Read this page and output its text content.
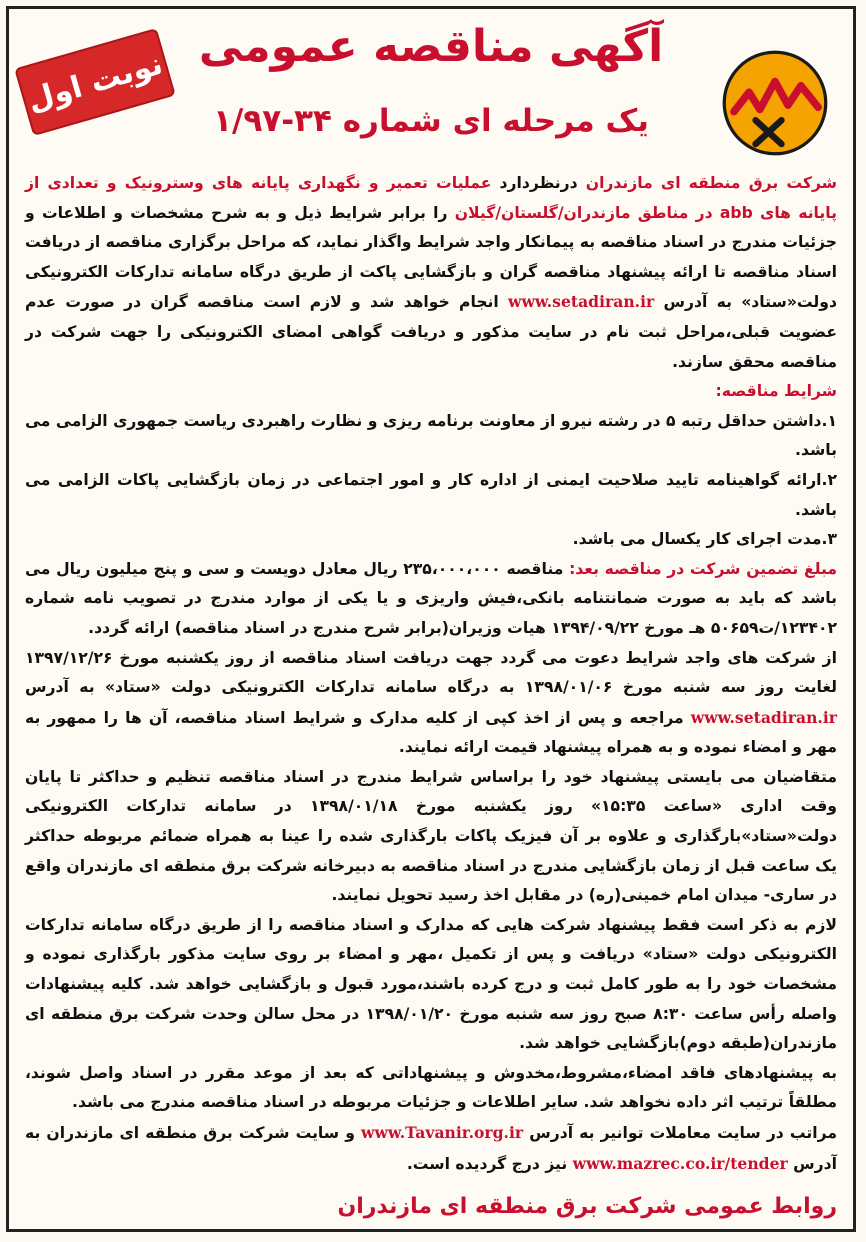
نوبت اول آگهی مناقصه عمومی
یک مرحله ای شماره ۳۴-۱/۹۷

شرکت برق منطقه ای مازندران درنظردارد عملیات تعمیر و نگهداری پایانه های وسترونیک و تعدادی از پایانه های abb در مناطق مازندران/گلستان/گیلان را برابر شرایط ذیل و به شرح مشخصات و اطلاعات و جزئیات مندرج در اسناد مناقصه به پیمانکار واجد شرایط واگذار نماید، که مراحل برگزاری مناقصه از دریافت اسناد مناقصه تا ارائه پیشنهاد مناقصه گران و بازگشایی پاکت از طریق درگاه سامانه تدارکات الکترونیکی دولت«ستاد» به آدرس www.setadiran.ir انجام خواهد شد و لازم است مناقصه گران در صورت عدم عضویت قبلی،مراحل ثبت نام در سایت مذکور و دریافت گواهی امضای الکترونیکی را جهت شرکت در مناقصه محقق سازند.

شرایط مناقصه:

۱.داشتن حداقل رتبه ۵ در رشته نیرو از معاونت برنامه ریزی و نظارت راهبردی ریاست جمهوری الزامی می باشد.

۲.ارائه گواهینامه تایید صلاحیت ایمنی از اداره کار و امور اجتماعی در زمان بازگشایی پاکات الزامی می باشد.

۳.مدت اجرای کار یکسال می باشد.

مبلغ تضمین شرکت در مناقصه بعد: مناقصه ۲۳۵،۰۰۰،۰۰۰ ریال معادل دویست و سی و پنج میلیون ریال می باشد که باید به صورت ضمانتنامه بانکی،فیش واریزی و یا یکی از موارد مندرج در تصویب نامه شماره ۱۲۳۴۰۲/ت۵۰۶۵۹ هـ مورخ ۱۳۹۴/۰۹/۲۲ هیات وزیران(برابر شرح مندرج در اسناد مناقصه) ارائه گردد.

از شرکت های واجد شرایط دعوت می گردد جهت دریافت اسناد مناقصه از روز یکشنبه مورخ ۱۳۹۷/۱۲/۲۶ لغایت روز سه شنبه مورخ ۱۳۹۸/۰۱/۰۶ به درگاه سامانه تدارکات الکترونیکی دولت «ستاد» به آدرس www.setadiran.ir مراجعه و پس از اخذ کپی از کلیه مدارک و شرایط اسناد مناقصه، آن ها را ممهور به مهر و امضاء نموده و به همراه پیشنهاد قیمت ارائه نمایند.

متقاضیان می بایستی پیشنهاد خود را براساس شرایط مندرج در اسناد مناقصه تنظیم و حداکثر تا پایان وقت اداری «ساعت ۱۵:۳۵» روز یکشنبه مورخ ۱۳۹۸/۰۱/۱۸ در سامانه تدارکات الکترونیکی دولت«ستاد»بارگذاری و علاوه بر آن فیزیک پاکات بارگذاری شده را عینا به همراه ضمائم مربوطه حداکثر یک ساعت قبل از زمان بازگشایی مندرج در اسناد مناقصه به دبیرخانه شرکت برق منطقه ای مازندران واقع در ساری- میدان امام خمینی(ره) در مقابل اخذ رسید تحویل نمایند.

لازم به ذکر است فقط پیشنهاد شرکت هایی که مدارک و اسناد مناقصه را از طریق درگاه سامانه تدارکات الکترونیکی دولت «ستاد» دریافت و پس از تکمیل ،مهر و امضاء بر روی سایت مذکور بارگذاری نموده و مشخصات خود را به طور کامل ثبت و درج کرده باشند،مورد قبول و بازگشایی خواهد شد. کلیه پیشنهادات واصله رأس ساعت ۸:۳۰ صبح روز سه شنبه مورخ ۱۳۹۸/۰۱/۲۰ در محل سالن وحدت شرکت برق منطقه ای مازندران(طبقه دوم)بازگشایی خواهد شد.

به پیشنهادهای فاقد امضاء،مشروط،مخدوش و پیشنهاداتی که بعد از موعد مقرر در اسناد واصل شوند، مطلقاً ترتیب اثر داده نخواهد شد. سایر اطلاعات و جزئیات مربوطه در اسناد مناقصه مندرج می باشد.

مراتب در سایت معاملات توانیر به آدرس www.Tavanir.org.ir و سایت شرکت برق منطقه ای مازندران به آدرس www.mazrec.co.ir/tender نیز درج گردیده است.

روابط عمومی شرکت برق منطقه ای مازندران
